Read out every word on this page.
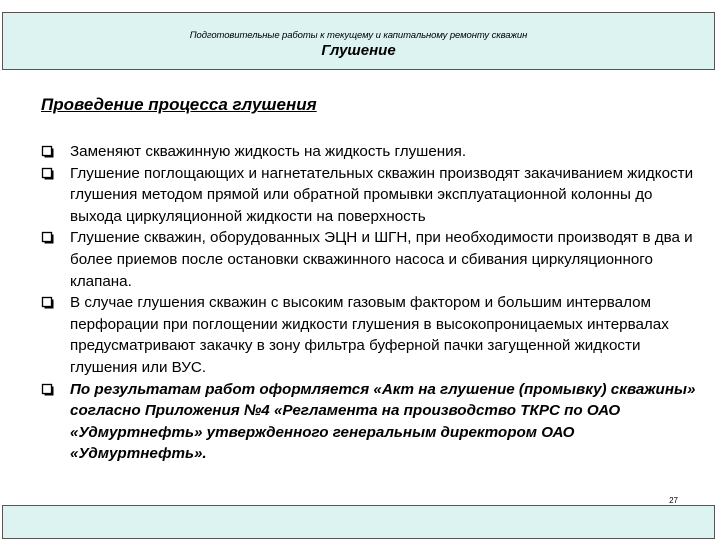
Подготовительные работы к текущему и капитальному ремонту скважин
Глушение
Проведение процесса глушения
Заменяют скважинную жидкость на жидкость глушения.
Глушение поглощающих и нагнетательных скважин производят закачиванием жидкости глушения методом прямой или обратной промывки эксплуатационной колонны до выхода циркуляционной жидкости на поверхность
Глушение скважин, оборудованных ЭЦН и ШГН, при необходимости производят в два и более приемов после остановки скважинного насоса и сбивания циркуляционного клапана.
В случае глушения скважин с высоким газовым фактором и большим интервалом перфорации при поглощении жидкости глушения в высокопроницаемых интервалах предусматривают закачку в зону фильтра буферной пачки загущенной жидкости глушения или ВУС.
По результатам работ оформляется «Акт на глушение (промывку) скважины» согласно Приложения №4 «Регламента на производство ТКРС по ОАО «Удмуртнефть» утвержденного генеральным директором ОАО «Удмуртнефть».
27
